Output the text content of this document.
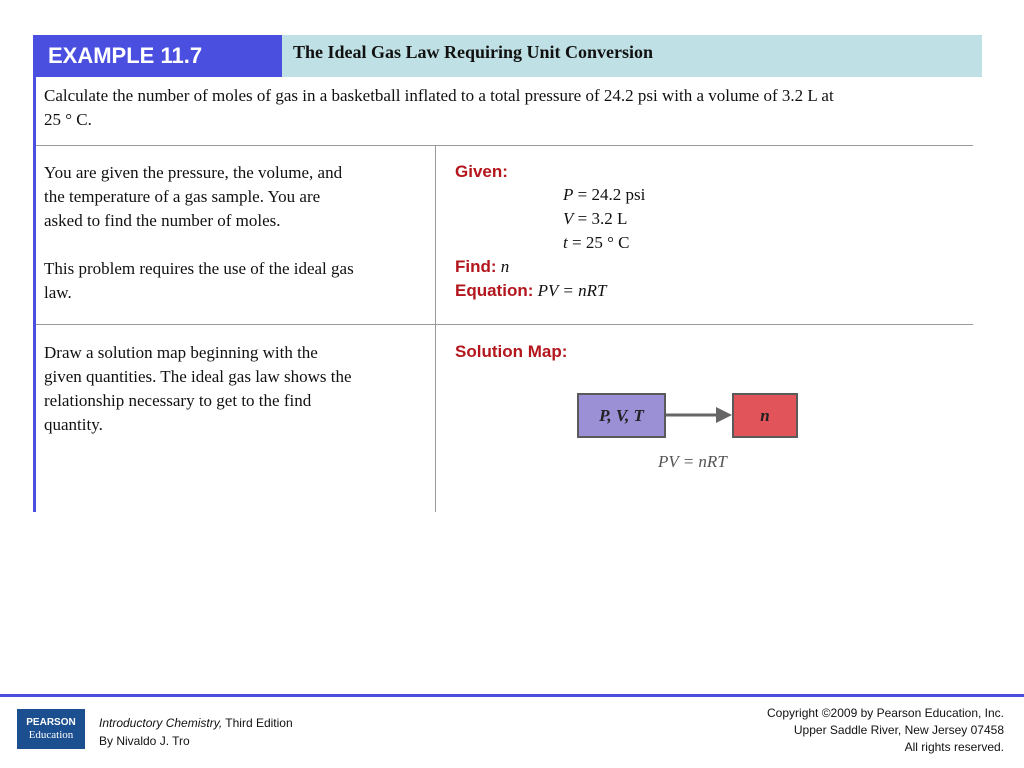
EXAMPLE 11.7	The Ideal Gas Law Requiring Unit Conversion
Calculate the number of moles of gas in a basketball inflated to a total pressure of 24.2 psi with a volume of 3.2 L at
25 ° C.
You are given the pressure, the volume, and
the temperature of a gas sample. You are
asked to find the number of moles.
This problem requires the use of the ideal gas
law.
Given:
P = 24.2 psi
V = 3.2 L
t = 25 ° C
Find: n
Equation: PV = nRT
Draw a solution map beginning with the
given quantities. The ideal gas law shows the
relationship necessary to get to the find
quantity.
Solution Map:
P, V, T	n
PV = nRT
PEARSON
Education
Introductory Chemistry, Third Edition
By Nivaldo J. Tro
Copyright ©2009 by Pearson Education, Inc.
Upper Saddle River, New Jersey 07458
All rights reserved.
